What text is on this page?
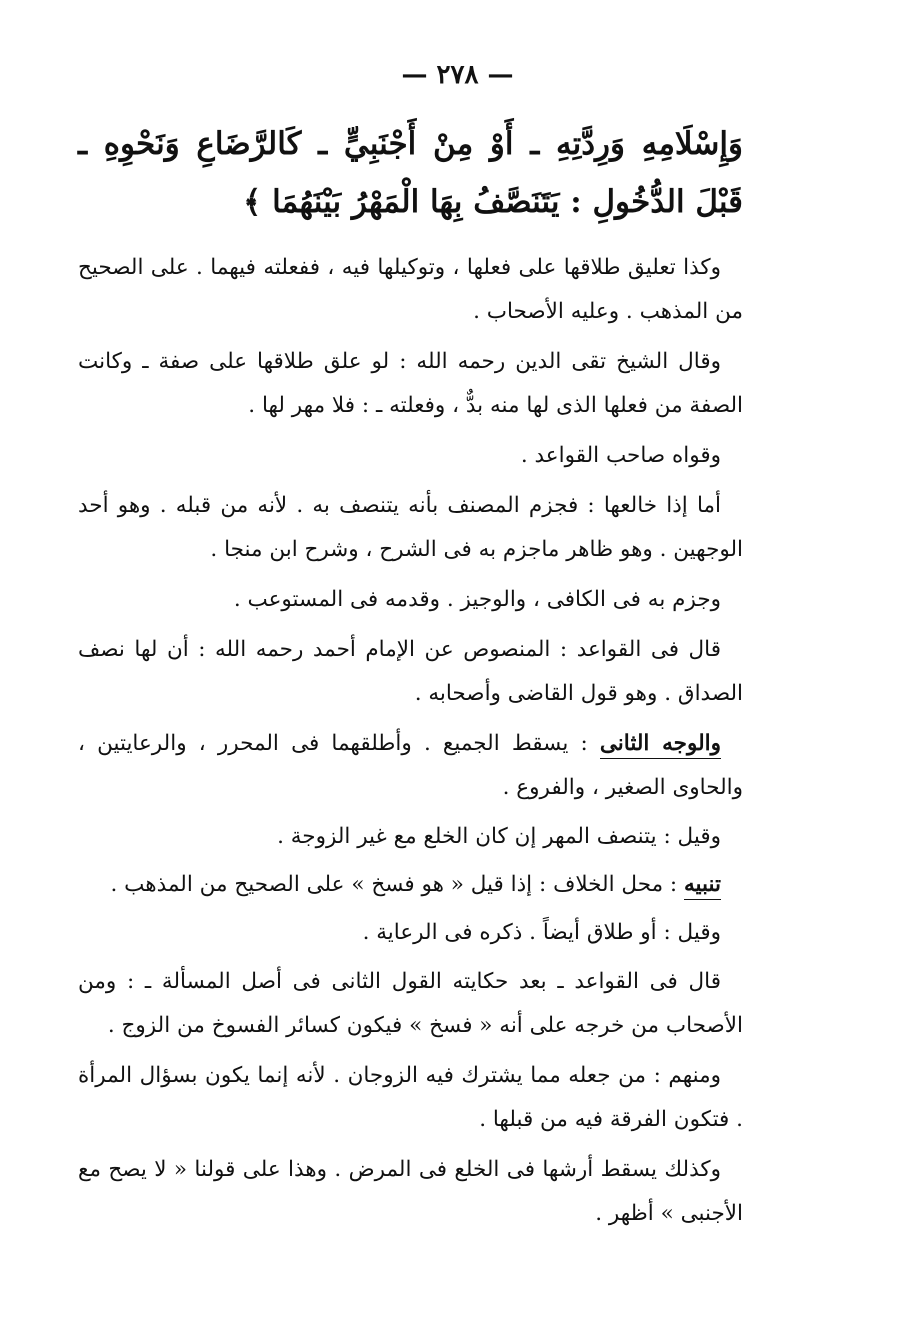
— ٢٧٨ —
وَإِسْلَامِهِ وَرِدَّتِهِ ـ أَوْ مِنْ أَجْنَبِيٍّ ـ كَالرَّضَاعِ وَنَحْوِهِ ـ قَبْلَ الدُّخُولِ : يَتَنَصَّفُ بِهَا الْمَهْرُ بَيْنَهُمَا ﴾

وكذا تعليق طلاقها على فعلها ، وتوكيلها فيه ، ففعلته فيهما . على الصحيح من المذهب . وعليه الأصحاب .

وقال الشيخ تقى الدين رحمه الله : لو علق طلاقها على صفة ـ وكانت الصفة من فعلها الذى لها منه بدٌّ ، وفعلته ـ : فلا مهر لها .

وقواه صاحب القواعد .

أما إذا خالعها : فجزم المصنف بأنه يتنصف به . لأنه من قبله . وهو أحد الوجهين . وهو ظاهر ماجزم به فى الشرح ، وشرح ابن منجا .

وجزم به فى الكافى ، والوجيز . وقدمه فى المستوعب .

قال فى القواعد : المنصوص عن الإمام أحمد رحمه الله : أن لها نصف الصداق . وهو قول القاضى وأصحابه .

والوجه الثانى : يسقط الجميع . وأطلقهما فى المحرر ، والرعايتين ، والحاوى الصغير ، والفروع .

وقيل : يتنصف المهر إن كان الخلع مع غير الزوجة .

تنبيه : محل الخلاف : إذا قيل « هو فسخ » على الصحيح من المذهب .

وقيل : أو طلاق أيضاً . ذكره فى الرعاية .

قال فى القواعد ـ بعد حكايته القول الثانى فى أصل المسألة ـ : ومن الأصحاب من خرجه على أنه « فسخ » فيكون كسائر الفسوخ من الزوج .

ومنهم : من جعله مما يشترك فيه الزوجان . لأنه إنما يكون بسؤال المرأة . فتكون الفرقة فيه من قبلها .

وكذلك يسقط أرشها فى الخلع فى المرض . وهذا على قولنا « لا يصح مع الأجنبى » أظهر .
